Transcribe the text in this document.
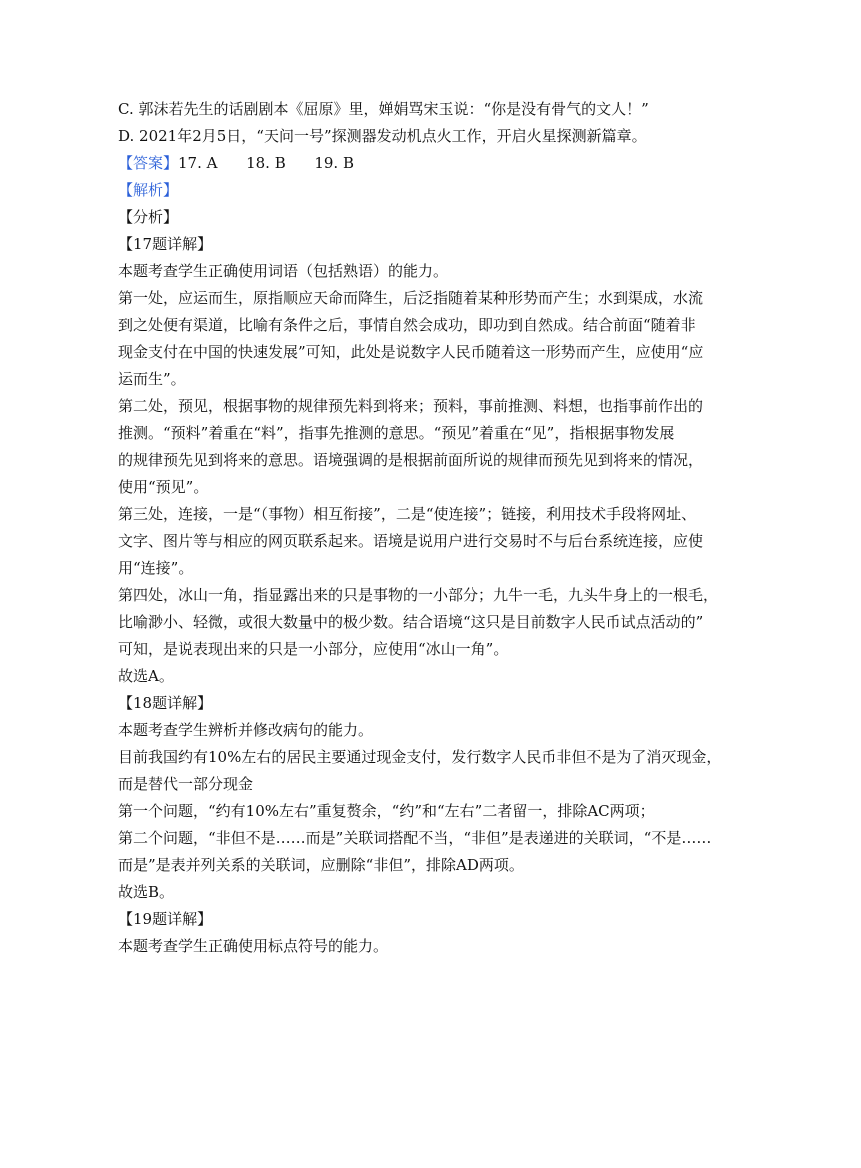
C. 郭沫若先生的话剧剧本《屈原》里，婵娟骂宋玉说：“你是没有骨气的文人！”
D. 2021年2月5日，“天问一号”探测器发动机点火工作，开启火星探测新篇章。
【答案】17. A      18. B      19. B
【解析】
【分析】
【17题详解】
本题考查学生正确使用词语（包括熟语）的能力。
第一处，应运而生，原指顺应天命而降生，后泛指随着某种形势而产生；水到渠成，水流
到之处便有渠道，比喻有条件之后，事情自然会成功，即功到自然成。结合前面“随着非
现金支付在中国的快速发展”可知，此处是说数字人民币随着这一形势而产生，应使用“应
运而生”。
第二处，预见，根据事物的规律预先料到将来；预料，事前推测、料想，也指事前作出的
推测。“预料”着重在“料”，指事先推测的意思。“预见”着重在“见”，指根据事物发展
的规律预先见到将来的意思。语境强调的是根据前面所说的规律而预先见到将来的情况，
使用“预见”。
第三处，连接，一是“（事物）相互衔接”，二是“使连接”；链接，利用技术手段将网址、
文字、图片等与相应的网页联系起来。语境是说用户进行交易时不与后台系统连接，应使
用“连接”。
第四处，冰山一角，指显露出来的只是事物的一小部分；九牛一毛，九头牛身上的一根毛，
比喻渺小、轻微，或很大数量中的极少数。结合语境“这只是目前数字人民币试点活动的”
可知，是说表现出来的只是一小部分，应使用“冰山一角”。
故选A。
【18题详解】
本题考查学生辨析并修改病句的能力。
目前我国约有10%左右的居民主要通过现金支付，发行数字人民币非但不是为了消灭现金，
而是替代一部分现金
第一个问题，“约有10%左右”重复赘余，“约”和“左右”二者留一，排除AC两项；
第二个问题，“非但不是……而是”关联词搭配不当，“非但”是表递进的关联词，“不是……
而是”是表并列关系的关联词，应删除“非但”，排除AD两项。
故选B。
【19题详解】
本题考查学生正确使用标点符号的能力。
